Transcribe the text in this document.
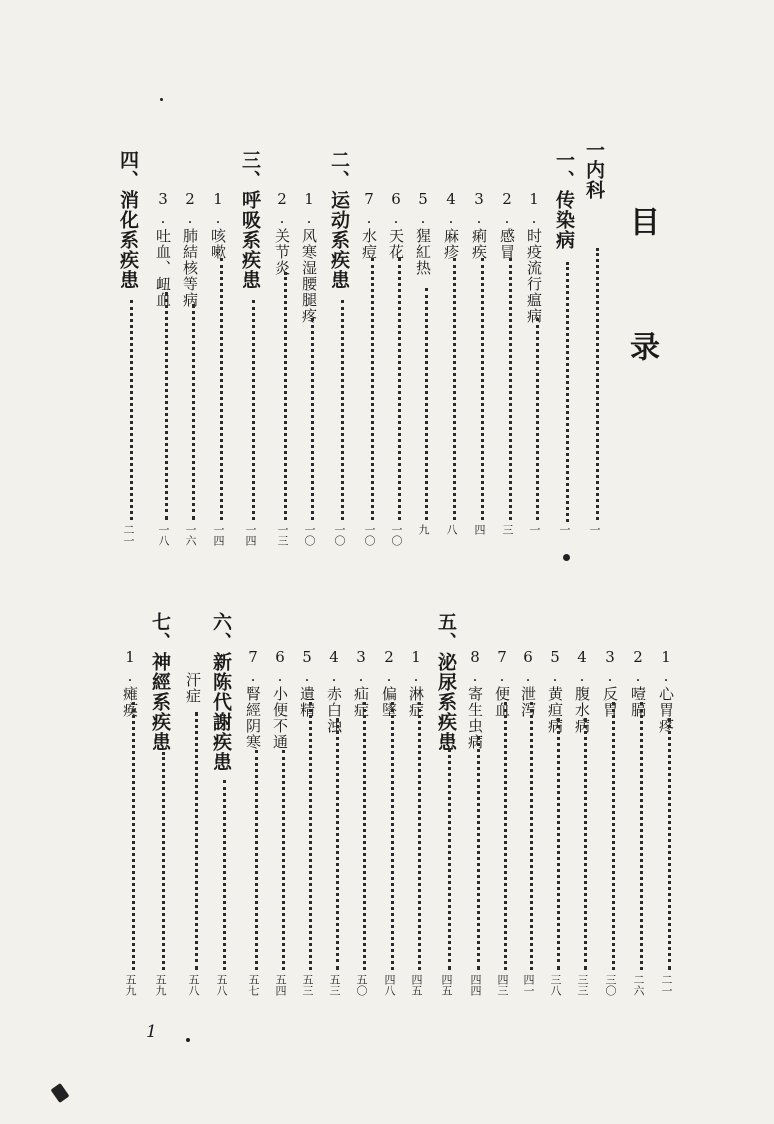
目 录
一内科
一
一、传染病
一
1.时疫流行瘟病
一
2.感冒
三
3.痢疾
四
4.麻疹
八
5.猩紅热
九
6.天花
一〇
7.水痘
一〇
二、运动系疾患
一〇
1.风寒湿腰腿疼
一〇
2.关节炎
一三
三、呼吸系疾患
一四
1.咳嗽
一四
2.肺結核等病
一六
3.吐血、衄血
一八
四、消化系疾患
二一
1.心胃疼
二一
2.噎膈
二六
3.反胃
三〇
4.腹水病
三三
5.黄疸病
三八
6.泄泻
四一
7.便血
四三
8.寄生虫病
四四
五、泌尿系疾患
四五
1.淋症
四五
2.偏墜
四八
3.疝症
五〇
4.赤白浊
五三
5.遺精
五三
6.小便不通
五四
7.腎經阴寒
五七
六、新陈代謝疾患
五八
汗症
五八
七、神經系疾患
五九
1.瘫痪
五九
1
